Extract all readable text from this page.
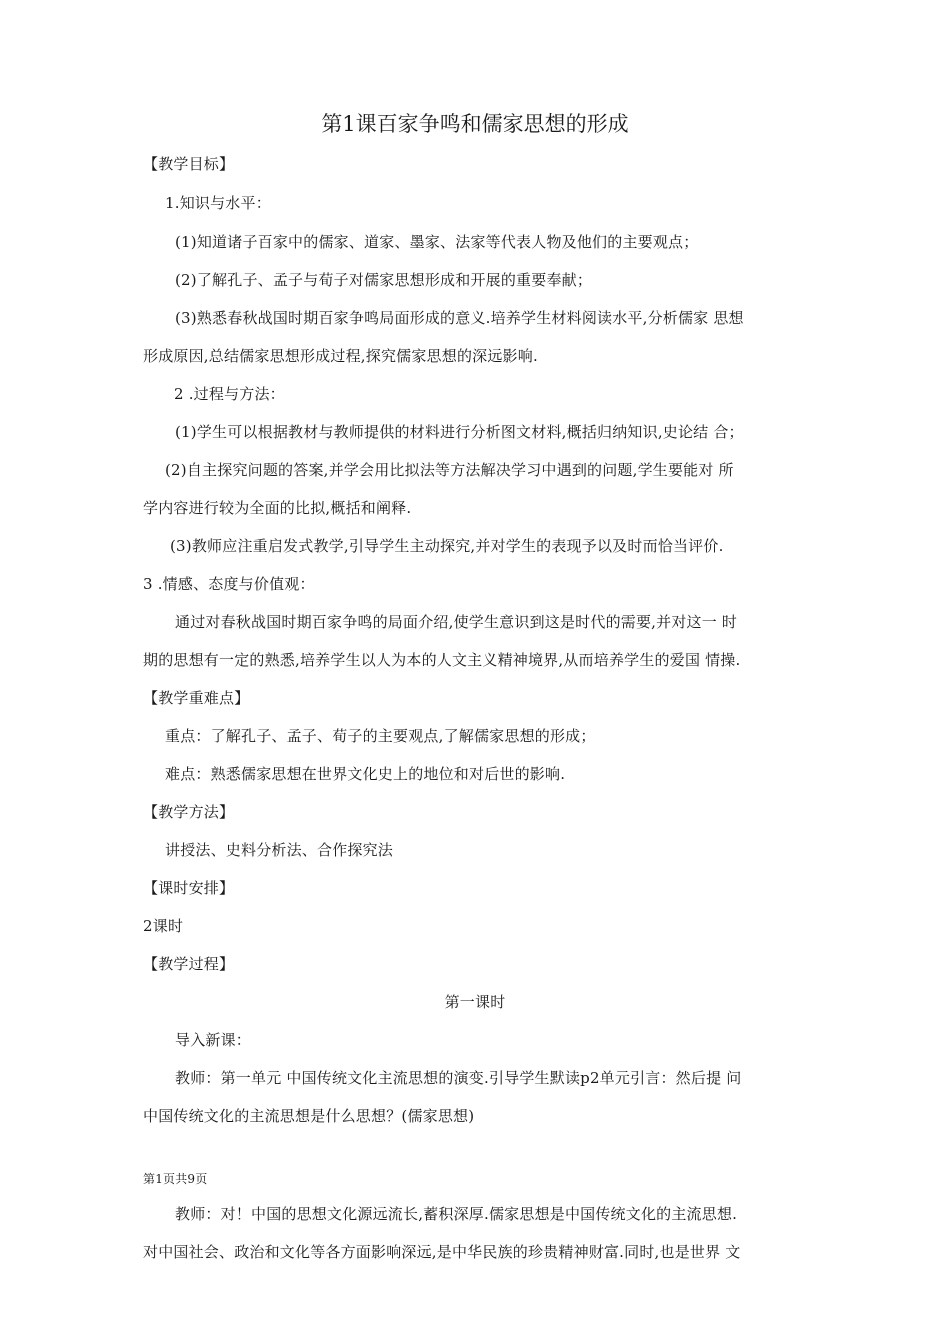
第1课百家争鸣和儒家思想的形成
【教学目标】
1.知识与水平：
(1)知道诸子百家中的儒家、道家、墨家、法家等代表人物及他们的主要观点；
(2)了解孔子、孟子与荀子对儒家思想形成和开展的重要奉献；
(3)熟悉春秋战国时期百家争鸣局面形成的意义.培养学生材料阅读水平,分析儒家 思想
形成原因,总结儒家思想形成过程,探究儒家思想的深远影响.
2 .过程与方法：
(1)学生可以根据教材与教师提供的材料进行分析图文材料,概括归纳知识,史论结 合；
(2)自主探究问题的答案,并学会用比拟法等方法解决学习中遇到的问题,学生要能对 所
学内容进行较为全面的比拟,概括和阐释.
(3)教师应注重启发式教学,引导学生主动探究,并对学生的表现予以及时而恰当评价.
3 .情感、态度与价值观：
通过对春秋战国时期百家争鸣的局面介绍,使学生意识到这是时代的需要,并对这一 时
期的思想有一定的熟悉,培养学生以人为本的人文主义精神境界,从而培养学生的爱国 情操.
【教学重难点】
重点：了解孔子、孟子、荀子的主要观点,了解儒家思想的形成；
难点：熟悉儒家思想在世界文化史上的地位和对后世的影响.
【教学方法】
讲授法、史料分析法、合作探究法
【课时安排】
2课时
【教学过程】
第一课时
导入新课：
教师：第一单元 中国传统文化主流思想的演变.引导学生默读p2单元引言：然后提 问
中国传统文化的主流思想是什么思想？(儒家思想)
第1页共9页
教师：对！中国的思想文化源远流长,蓄积深厚.儒家思想是中国传统文化的主流思想.
对中国社会、政治和文化等各方面影响深远,是中华民族的珍贵精神财富.同时,也是世界 文
